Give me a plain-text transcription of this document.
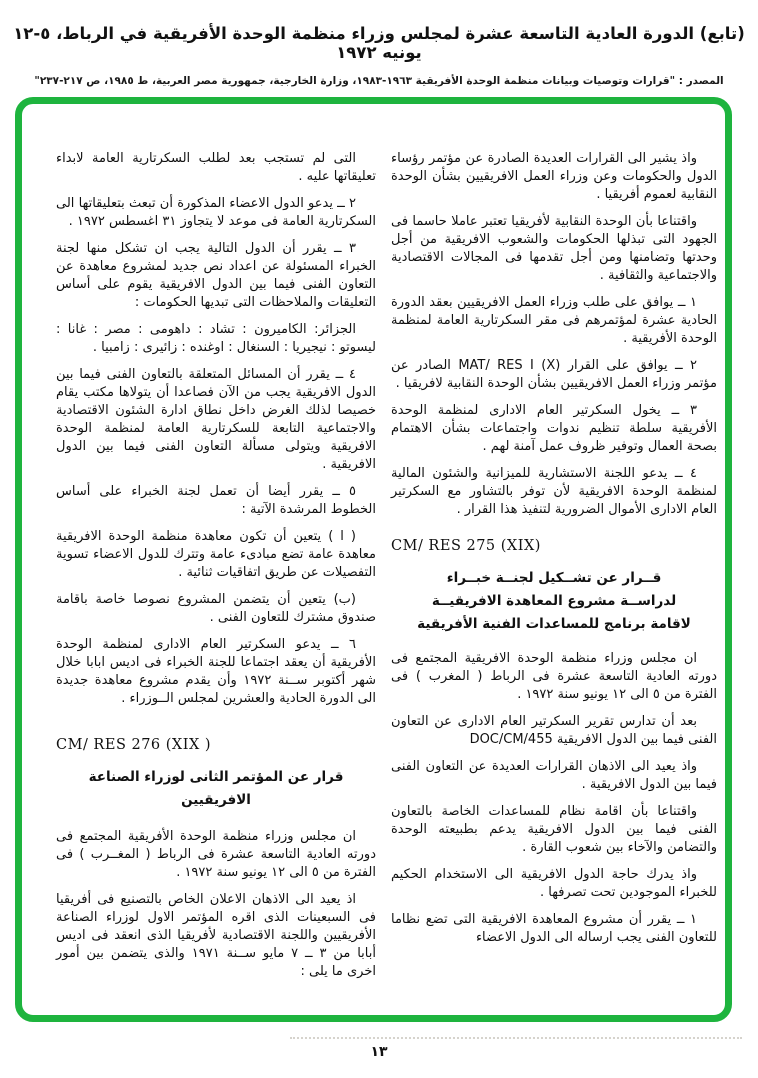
(تابع) الدورة العادية التاسعة عشرة لمجلس وزراء منظمة الوحدة الأفريقية في الرباط، ٥-١٢ يونيه ١٩٧٢
المصدر : "قرارات وتوصيات وبيانات منظمة الوحدة الأفريقية ١٩٦٣-١٩٨٣، وزارة الخارجية، جمهورية مصر العربية، ط ١٩٨٥، ص ٢١٧-٢٣٧"

واذ يشير الى القرارات العديدة الصادرة عن مؤتمر رؤساء الدول والحكومات وعن وزراء العمل الافريقيين بشأن الوحدة النقابية لعموم أفريقيا .

واقتناعا بأن الوحدة النقابية لأفريقيا تعتبر عاملا حاسما فى الجهود التى تبذلها الحكومات والشعوب الافريقية من أجل وحدتها وتضامنها ومن أجل تقدمها فى المجالات الاقتصادية والاجتماعية والثقافية .

١ ــ يوافق على طلب وزراء العمل الافريقيين بعقد الدورة الحادية عشرة لمؤتمرهم فى مقر السكرتارية العامة لمنظمة الوحدة الأفريقية .

٢ ــ يوافق على القرار MAT/ RES I (X) الصادر عن مؤتمر وزراء العمل الافريقيين بشأن الوحدة النقابية لافريقيا .

٣ ــ يخول السكرتير العام الادارى لمنظمة الوحدة الأفريقية سلطة تنظيم ندوات واجتماعات بشأن الاهتمام بصحة العمال وتوفير ظروف عمل آمنة لهم .

٤ ــ يدعو اللجنة الاستشارية للميزانية والشئون المالية لمنظمة الوحدة الافريقية لأن توفر بالتشاور مع السكرتير العام الادارى الأموال الضرورية لتنفيذ هذا القرار .

CM/ RES 275 (XIX)
قــرار عن تشــكيل لجنــة خبــراء
لدراســة مشروع المعاهدة الافريقيــة
لاقامة برنامج للمساعدات الفنية الأفريقية

ان مجلس وزراء منظمة الوحدة الافريقية المجتمع فى دورته العادية التاسعة عشرة فى الرباط ( المغرب ) فى الفترة من ٥ الى ١٢ يونيو سنة ١٩٧٢ .

بعد أن تدارس تقرير السكرتير العام الادارى عن التعاون الفنى فيما بين الدول الافريقية DOC/CM/455

واذ يعيد الى الاذهان القرارات العديدة عن التعاون الفنى فيما بين الدول الافريقية .

واقتناعا بأن اقامة نظام للمساعدات الخاصة بالتعاون الفنى فيما بين الدول الافريقية يدعم بطبيعته الوحدة والتضامن والآخاء بين شعوب القارة .

واذ يدرك حاجة الدول الافريقية الى الاستخدام الحكيم للخبراء الموجودين تحت تصرفها .

١ ــ يقرر أن مشروع المعاهدة الافريقية التى تضع نظاما للتعاون الفنى يجب ارساله الى الدول الاعضاء

التى لم تستجب بعد لطلب السكرتارية العامة لابداء تعليقاتها عليه .

٢ ــ يدعو الدول الاعضاء المذكورة أن تبعث بتعليقاتها الى السكرتارية العامة فى موعد لا يتجاوز ٣١ اغسطس ١٩٧٢ .

٣ ــ يقرر أن الدول التالية يجب ان تشكل منها لجنة الخبراء المسئولة عن اعداد نص جديد لمشروع معاهدة عن التعاون الفنى فيما بين الدول الافريقية يقوم على أساس التعليقات والملاحظات التى تبديها الحكومات :

الجزائر: الكاميرون : تشاد : داهومى : مصر : غانا : ليسوتو : نيجيريا : السنغال : اوغنده : زائيرى : زامبيا .

٤ ــ يقرر أن المسائل المتعلقة بالتعاون الفنى فيما بين الدول الافريقية يجب من الآن فصاعدا أن يتولاها مكتب يقام خصيصا لذلك الغرض داخل نطاق ادارة الشئون الاقتصادية والاجتماعية التابعة للسكرتارية العامة لمنظمة الوحدة الافريقية ويتولى مسألة التعاون الفنى فيما بين الدول الافريقية .

٥ ــ يقرر أيضا أن تعمل لجنة الخبراء على أساس الخطوط المرشدة الآتية :

( ا ) يتعين أن تكون معاهدة منظمة الوحدة الافريقية معاهدة عامة تضع مبادىء عامة وتترك للدول الاعضاء تسوية التفصيلات عن طريق اتفاقيات ثنائية .

(ب) يتعين أن يتضمن المشروع نصوصا خاصة باقامة صندوق مشترك للتعاون الفنى .

٦ ــ يدعو السكرتير العام الادارى لمنظمة الوحدة الأفريقية أن يعقد اجتماعا للجنة الخبراء فى اديس ابابا خلال شهر أكتوبر ســنة ١٩٧٢ وأن يقدم مشروع معاهدة جديدة الى الدورة الحادية والعشرين لمجلس الــوزراء .

CM/ RES 276 (XIX )
قرار عن المؤتمر الثانى لوزراء الصناعة الافريقيين

ان مجلس وزراء منظمة الوحدة الأفريقية المجتمع فى دورته العادية التاسعة عشرة فى الرباط ( المغــرب ) فى الفترة من ٥ الى ١٢ يونيو سنة ١٩٧٢ .

اذ يعيد الى الاذهان الاعلان الخاص بالتصنيع فى أفريقيا فى السبعينات الذى اقره المؤتمر الاول لوزراء الصناعة الأفريقيين واللجنة الاقتصادية لأفريقيا الذى انعقد فى اديس أبابا من ٣ ــ ٧ مايو ســنة ١٩٧١ والذى يتضمن بين أمور اخرى ما يلى :

١٣
